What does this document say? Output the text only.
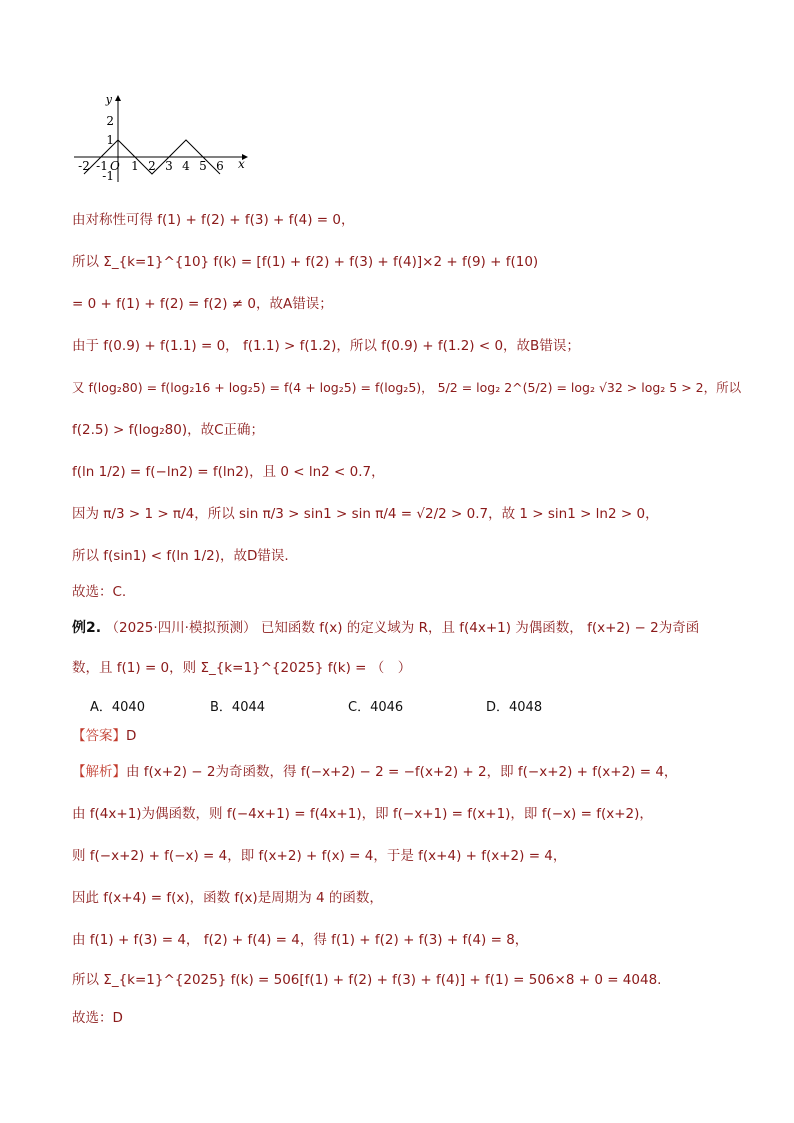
y
x
O
2
1
-1
-2 -1 1 2 3 4 5 6
由对称性可得 f(1) + f(2) + f(3) + f(4) = 0，
所以 Σ_{k=1}^{10} f(k) = [f(1) + f(2) + f(3) + f(4)]×2 + f(9) + f(10)
= 0 + f(1) + f(2) = f(2) ≠ 0，故A错误；
由于 f(0.9) + f(1.1) = 0， f(1.1) > f(1.2)，所以 f(0.9) + f(1.2) < 0，故B错误；
又 f(log₂80) = f(log₂16 + log₂5) = f(4 + log₂5) = f(log₂5)， 5/2 = log₂ 2^(5/2) = log₂ √32 > log₂ 5 > 2，所以
f(2.5) > f(log₂80)，故C正确；
f(ln 1/2) = f(−ln2) = f(ln2)，且 0 < ln2 < 0.7，
因为 π/3 > 1 > π/4，所以 sin π/3 > sin1 > sin π/4 = √2/2 > 0.7，故 1 > sin1 > ln2 > 0，
所以 f(sin1) < f(ln 1/2)，故D错误.
故选：C.
例2. （2025·四川·模拟预测） 已知函数 f(x) 的定义域为 R，且 f(4x+1) 为偶函数， f(x+2) − 2为奇函
数，且 f(1) = 0，则 Σ_{k=1}^{2025} f(k) = （　）
A．4040	B．4044	C．4046	D．4048
【答案】D
【解析】由 f(x+2) − 2为奇函数，得 f(−x+2) − 2 = −f(x+2) + 2，即 f(−x+2) + f(x+2) = 4，
由 f(4x+1)为偶函数，则 f(−4x+1) = f(4x+1)，即 f(−x+1) = f(x+1)，即 f(−x) = f(x+2)，
则 f(−x+2) + f(−x) = 4，即 f(x+2) + f(x) = 4，于是 f(x+4) + f(x+2) = 4，
因此 f(x+4) = f(x)，函数 f(x)是周期为 4 的函数，
由 f(1) + f(3) = 4， f(2) + f(4) = 4，得 f(1) + f(2) + f(3) + f(4) = 8，
所以 Σ_{k=1}^{2025} f(k) = 506[f(1) + f(2) + f(3) + f(4)] + f(1) = 506×8 + 0 = 4048.
故选：D
